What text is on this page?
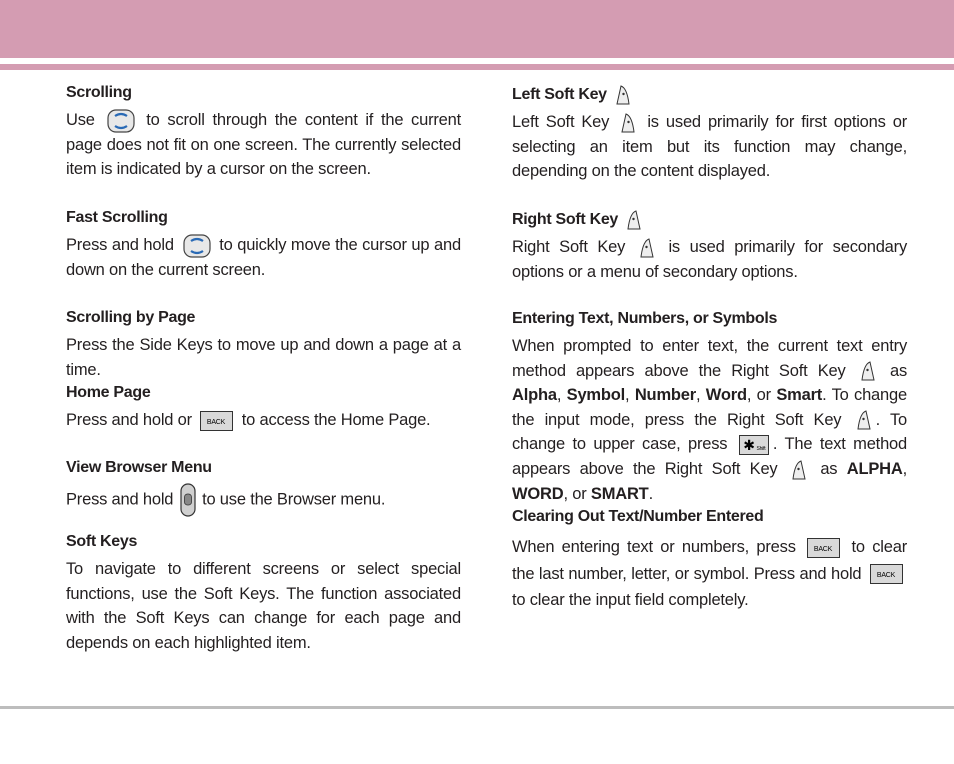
Scrolling

Use	to scroll through the content if the current page does not fit on one screen. The currently selected item is indicated by a cursor on the screen.

Fast Scrolling

Press and hold	to quickly move the cursor up and down on the current screen.

Scrolling by Page

Press the Side Keys to move up and down a page at a time.

Home Page

Press and hold or BACK to access the Home Page.

View Browser Menu

Press and hold to use the Browser menu.

Soft Keys

To navigate to different screens or select special functions, use the Soft Keys. The function associated with the Soft Keys can change for each page and depends on each highlighted item.

Left Soft Key

Left Soft Key is used primarily for first options or selecting an item but its function may change, depending on the content displayed.

Right Soft Key

Right Soft Key	is used primarily for secondary options or a menu of secondary options.

Entering Text, Numbers, or Symbols

When prompted to enter text, the current text entry method appears above the Right Soft Key	as Alpha, Symbol, Number, Word, or Smart. To change the input mode, press the Right Soft Key . To change to upper case, press ✱ Shift . The text method appears above the Right Soft Key	as ALPHA, WORD, or SMART.

Clearing Out Text/Number Entered

When entering text or numbers, press	BACK to clear the last number, letter, or symbol. Press and hold BACK
to clear the input field completely.
